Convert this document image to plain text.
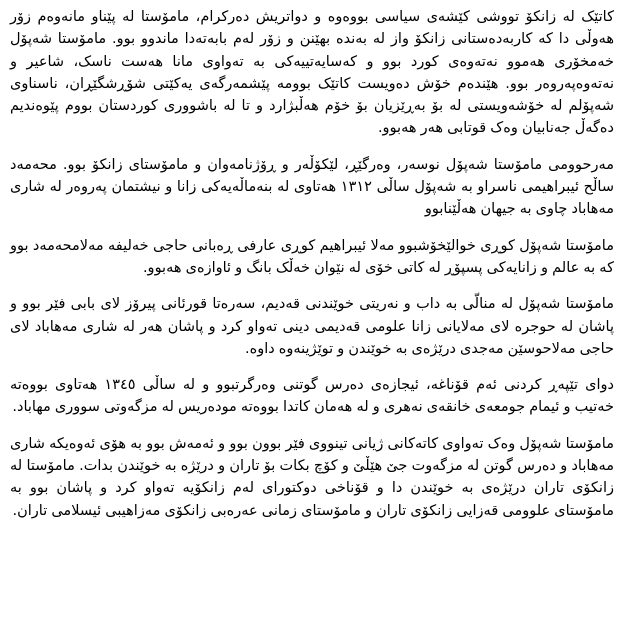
کاتێک لە زانکۆ تووشی کێشەی سیاسی بووەوە و دواتریش دەرکرام، مامۆستا لە پێناو مانەوەم زۆر هەوڵی دا کە کاربەدەستانی زانکۆ واز لە بەندە بهێنن و زۆر لەم بابەتەدا ماندوو بوو. مامۆستا شەپۆل خەمخۆری هەموو نەتەوەی کورد بوو و کەسایەتییەکی بە تەواوی مانا هەست ناسک، شاعیر و نەتەوەپەروەر بوو. هێندەم خۆش دەویست کاتێک بوومە پێشمەرگەی یەکێتی شۆڕشگێڕان، ناسناوی شەپۆلم لە خۆشەویستی لە بۆ بەڕێزیان بۆ خۆم هەڵبژارد و تا لە باشووری کوردستان بووم پێوەندیم دەگەڵ جەنابیان وەک قوتابی هەر هەبوو.

مەرحوومی مامۆستا شەپۆل نوسەر، وەرگێڕ، لێکۆڵەر و ڕۆژنامەوان و مامۆستای زانکۆ بوو. محەمەد ساڵح ئیبراهیمی ناسراو بە شەپۆل ساڵی ١٣١٢ هەتاوی لە بنەماڵەیەکی زانا و نیشتمان پەروەر لە شاری مەهاباد چاوی بە جیهان هەڵێنابوو

مامۆستا شەپۆل کوڕی خوالێخۆشبوو مەلا ئیبراهیم کوڕی عارفی ڕەبانی حاجی خەلیفە مەلامحەمەد بوو کە بە عالم و زانایەکی پسپۆڕ لە کاتی خۆی لە نێوان خەڵک بانگ و ئاوازەی هەبوو.

مامۆستا شەپۆل لە منالّی بە داب و نەریتی خوێندنی قەدیم، سەرەتا قورئانی پیرۆز لای بابی فێر بوو و پاشان لە حوجرە لای مەلایانی زانا علومی قەدیمی دینی تەواو کرد و پاشان هەر لە شاری مەهاباد لای حاجی مەلاحوسێن مەجدی درێژەی بە خوێندن و توێژینەوە داوە.

دوای تێپەڕ کردنی ئەم قۆناغە، ئیجازەی دەرس گوتنی وەرگرتبوو و لە ساڵی ١٣٤٥ هەتاوی بووەتە خەتیب و ئیمام جومعەی خانقەی نەهری و لە هەمان کاتدا بووەتە مودەریس لە مزگەوتی سووری مهاباد.

مامۆستا شەپۆل وەک تەواوی کاتەکانی ژیانی تینووی فێر بوون بوو و ئەمەش بوو بە هۆی ئەوەیکە شاری مەهاباد و دەرس گوتن لە مزگەوت جێ هێڵێ و کۆچ بکات بۆ تاران و درێژە بە خوێندن بدات. مامۆستا لە زانکۆی تاران درێژەی بە خوێندن دا و قۆناخی دوکتورای لەم زانکۆیە تەواو کرد و پاشان بوو بە مامۆستای علوومی قەزایی زانکۆی تاران و مامۆستای زمانی عەرەبی زانکۆی مەزاهیبی ئیسلامی تاران.
